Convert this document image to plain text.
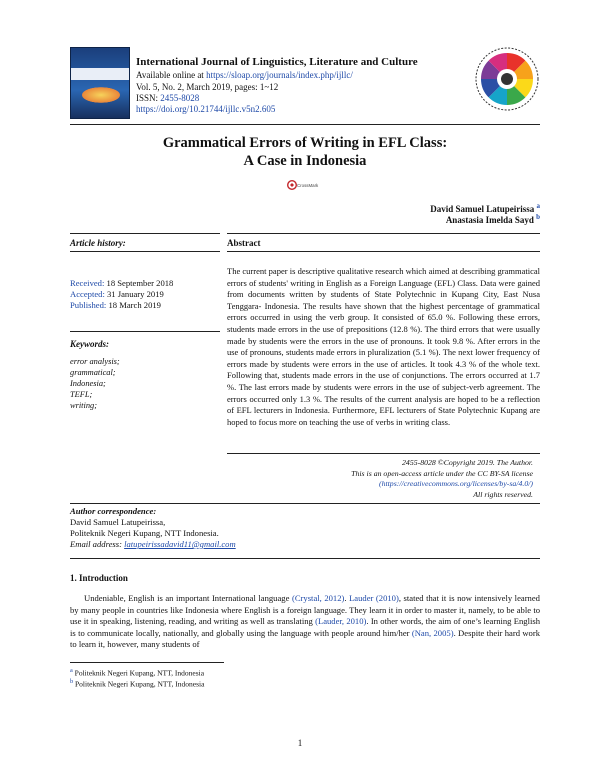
International Journal of Linguistics, Literature and Culture
Available online at https://sloap.org/journals/index.php/ijllc/
Vol. 5, No. 2, March 2019, pages: 1~12
ISSN: 2455-8028
https://doi.org/10.21744/ijllc.v5n2.605
Grammatical Errors of Writing in EFL Class:
A Case in Indonesia
CrossMark
David Samuel Latupeirissa $^a$
Anastasia Imelda Sayd $^b$
Article history:	Abstract
Received: 18 September 2018
Accepted: 31 January 2019
Published: 18 March 2019
Keywords:
error analysis;
grammatical;
Indonesia;
TEFL;
writing;
The current paper is descriptive qualitative research which aimed at describing grammatical errors of students' writing in English as a Foreign Language (EFL) Class. Data were gained from documents written by students of State Polytechnic in Kupang City, East Nusa Tenggara- Indonesia. The results have shown that the highest percentage of grammatical errors occurred in using the verb group. It consisted of 65.0 %. Following these errors, students made errors in the use of prepositions (12.8 %). The third errors that were usually made by students were the errors in the use of pronouns. It took 9.8 %. After errors in the use of pronouns, students made errors in pluralization (5.1 %). The next lower frequency of errors made by students were errors in the use of articles. It took 4.3 % of the whole text. Following that, students made errors in the use of conjunctions. The errors occurred at 1.7 %. The last errors made by students were errors in the use of subject-verb agreement. The errors occurred only 1.3 %. The results of the current analysis are hoped to be a reflection of EFL lecturers in Indonesia. Furthermore, EFL lecturers of State Polytechnic Kupang are hoped to focus more on teaching the use of verbs in writing class.
2455-8028 ©Copyright 2019. The Author.
This is an open-access article under the CC BY-SA license
(https://creativecommons.org/licenses/by-sa/4.0/)
All rights reserved.
Author correspondence:
David Samuel Latupeirissa,
Politeknik Negeri Kupang, NTT Indonesia.
Email address: latupeirissadavid11@gmail.com
1. Introduction
Undeniable, English is an important International language (Crystal, 2012). Lauder (2010), stated that it is now intensively learned by many people in countries like Indonesia where English is a foreign language. They learn it in order to master it, namely, to be able to use it in speaking, listening, reading, and writing as well as translating (Lauder, 2010). In other words, the aim of one’s learning English is to communicate locally, nationally, and globally using the language with people around him/her (Nan, 2005). Despite their hard work to learn it, however, many students of
$^a$ Politeknik Negeri Kupang, NTT, Indonesia
$^b$ Politeknik Negeri Kupang, NTT, Indonesia
1
